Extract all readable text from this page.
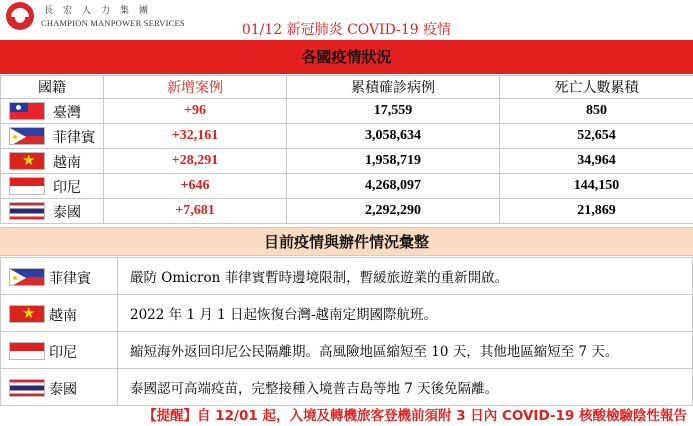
長宏人力集團
CHAMPION MANPOWER SERVICES	01/12 新冠肺炎 COVID-19 疫情
各國疫情狀況
國籍	新增案例	累積確診病例	死亡人數累積

臺灣	+96	17,559	850

菲律賓	+32,161	3,058,634	52,654

★
越南	+28,291	1,958,719	34,964

印尼	+646	4,268,097	144,150

泰國	+7,681	2,292,290	21,869
目前疫情與辦件情況彙整
菲律賓	嚴防 Omicron 菲律賓暫時邊境限制，暫緩旅遊業的重新開啟。

★
越南	2022 年 1 月 1 日起恢復台灣-越南定期國際航班。

印尼	縮短海外返回印尼公民隔離期。高風險地區縮短至 10 天，其他地區縮短至 7 天。

泰國	泰國認可高端疫苗，完整接種入境普吉島等地 7 天後免隔離。
【提醒】自 12/01 起，入境及轉機旅客登機前須附 3 日內 COVID-19 核酸檢驗陰性報告
